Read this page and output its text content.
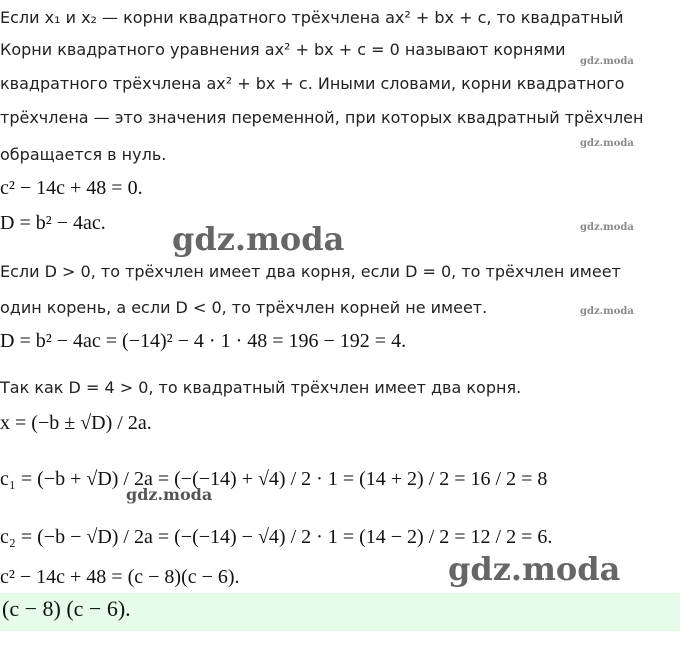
Если x₁ и x₂ — корни квадратного трёхчлена ax² + bx + c, то квадратный
Корни квадратного уравнения ax² + bx + c = 0 называют корнями
квадратного трёхчлена ax² + bx + c. Иными словами, корни квадратного
трёхчлена — это значения переменной, при которых квадратный трёхчлен
обращается в нуль.
c² − 14c + 48 = 0.
D = b² − 4ac.
Если D > 0, то трёхчлен имеет два корня, если D = 0, то трёхчлен имеет
один корень, а если D < 0, то трёхчлен корней не имеет.
D = b² − 4ac = (−14)² − 4 · 1 · 48 = 196 − 192 = 4.
Так как D = 4 > 0, то квадратный трёхчлен имеет два корня.
x = (−b ± √D) / 2a.
c₁ = (−b + √D) / 2a = (−(−14) + √4) / 2 · 1 = (14 + 2) / 2 = 16 / 2 = 8
c₂ = (−b − √D) / 2a = (−(−14) − √4) / 2 · 1 = (14 − 2) / 2 = 12 / 2 = 6.
c² − 14c + 48 = (c − 8)(c − 6).
(c − 8) (c − 6).
gdz.moda
gdz.moda
gdz.moda
gdz.moda
gdz.moda
gdz.moda
gdz.moda
